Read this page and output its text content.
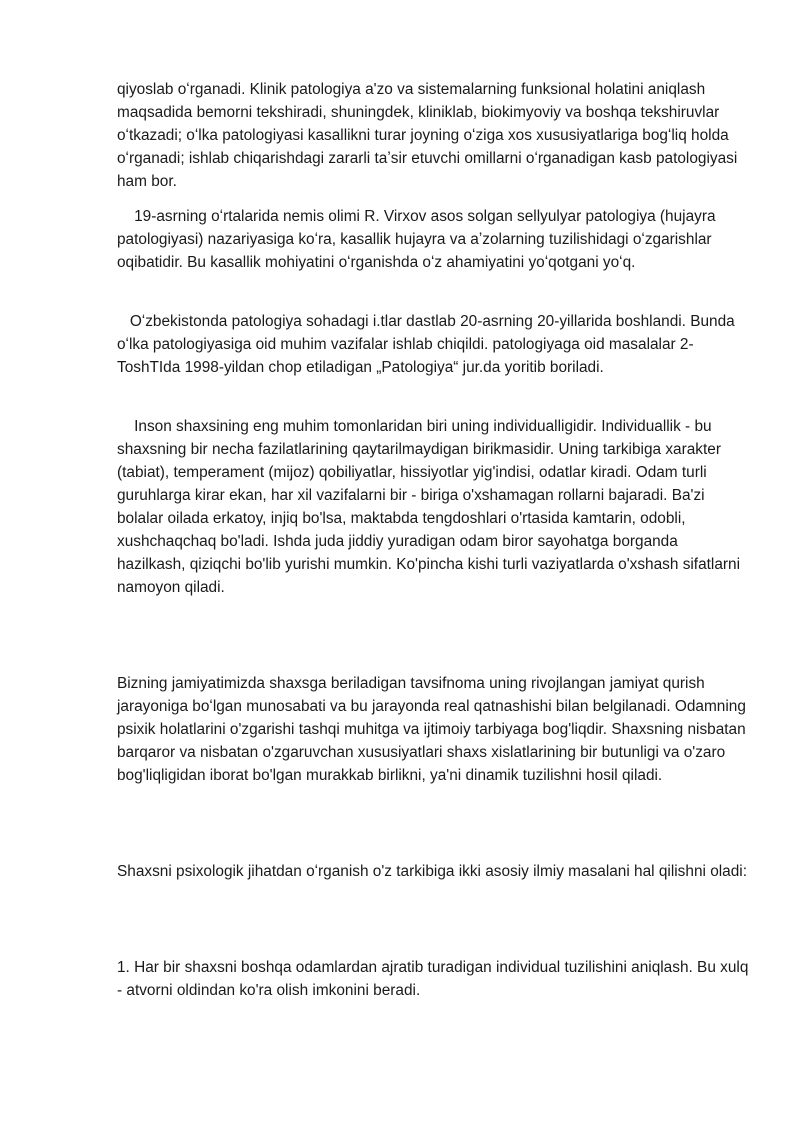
qiyoslab oʻrganadi. Klinik patologiya a'zo va sistemalarning funksional holatini aniqlash maqsadida bemorni tekshiradi, shuningdek, kliniklab, biokimyoviy va boshqa tekshiruvlar oʻtkazadi; oʻlka patologiyasi kasallikni turar joyning oʻziga xos xususiyatlariga bogʻliq holda oʻrganadi; ishlab chiqarishdagi zararli taʼsir etuvchi omillarni oʻrganadigan kasb patologiyasi ham bor.

19-asrning oʻrtalarida nemis olimi R. Virxov asos solgan sellyulyar patologiya (hujayra patologiyasi) nazariyasiga koʻra, kasallik hujayra va aʼzolarning tuzilishidagi oʻzgarishlar oqibatidir. Bu kasallik mohiyatini oʻrganishda oʻz ahamiyatini yoʻqotgani yoʻq.

Oʻzbekistonda patologiya sohadagi i.tlar dastlab 20-asrning 20-yillarida boshlandi. Bunda oʻlka patologiyasiga oid muhim vazifalar ishlab chiqildi. patologiyaga oid masalalar 2-ToshTIda 1998-yildan chop etiladigan „Patologiya“ jur.da yoritib boriladi.

Inson shaxsining eng muhim tomonlaridan biri uning individualligidir. Individuallik - bu shaxsning bir necha fazilatlarining qaytarilmaydigan birikmasidir. Uning tarkibiga xarakter (tabiat), temperament (mijoz) qobiliyatlar, hissiyotlar yig'indisi, odatlar kiradi. Odam turli guruhlarga kirar ekan, har xil vazifalarni bir - biriga o'xshamagan rollarni bajaradi. Ba'zi bolalar oilada erkatoy, injiq bo'lsa, maktabda tengdoshlari o'rtasida kamtarin, odobli, xushchaqchaq bo'ladi. Ishda juda jiddiy yuradigan odam biror sayohatga borganda hazilkash, qiziqchi bo'lib yurishi mumkin. Ko'pincha kishi turli vaziyatlarda o'xshash sifatlarni namoyon qiladi.

Bizning jamiyatimizda shaxsga beriladigan tavsifnoma uning rivojlangan jamiyat qurish jarayoniga boʻlgan munosabati va bu jarayonda real qatnashishi bilan belgilanadi. Odamning psixik holatlarini o'zgarishi tashqi muhitga va ijtimoiy tarbiyaga bog'liqdir. Shaxsning nisbatan barqaror va nisbatan o'zgaruvchan xususiyatlari shaxs xislatlarining bir butunligi va o'zaro bog'liqligidan iborat bo'lgan murakkab birlikni, ya'ni dinamik tuzilishni hosil qiladi.

Shaxsni psixologik jihatdan oʻrganish o'z tarkibiga ikki asosiy ilmiy masalani hal qilishni oladi:

1. Har bir shaxsni boshqa odamlardan ajratib turadigan individual tuzilishini aniqlash. Bu xulq - atvorni oldindan ko'ra olish imkonini beradi.
